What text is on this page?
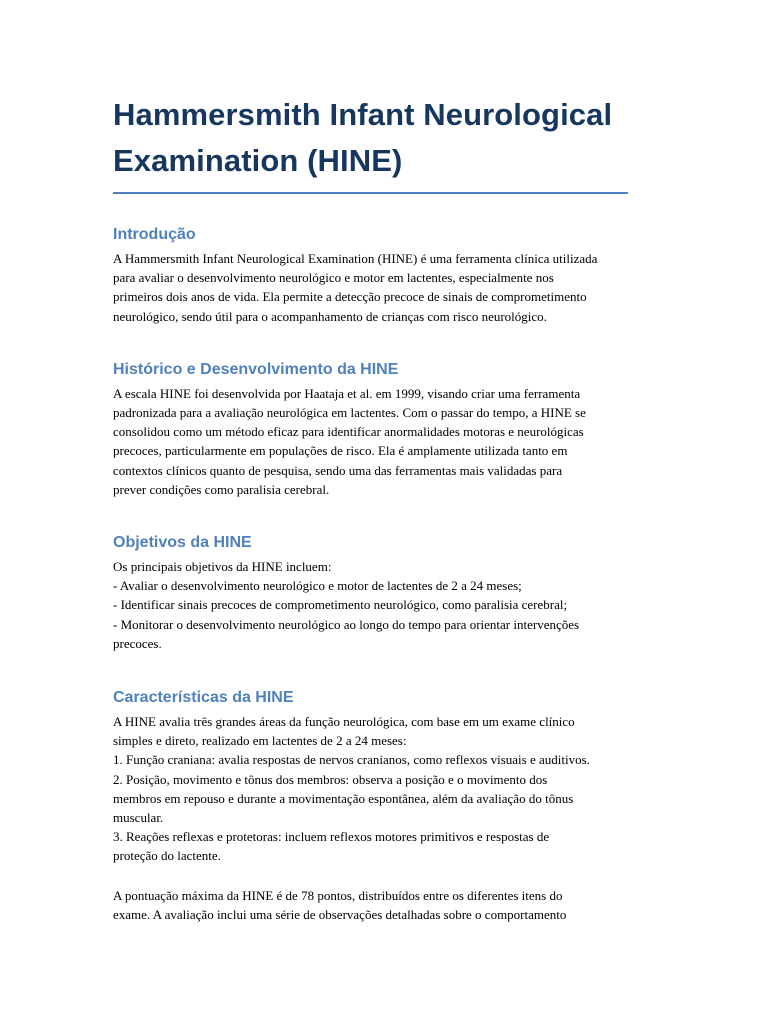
Hammersmith Infant Neurological
Examination (HINE)
Introdução

A Hammersmith Infant Neurological Examination (HINE) é uma ferramenta clínica utilizada
para avaliar o desenvolvimento neurológico e motor em lactentes, especialmente nos
primeiros dois anos de vida. Ela permite a detecção precoce de sinais de comprometimento
neurológico, sendo útil para o acompanhamento de crianças com risco neurológico.

Histórico e Desenvolvimento da HINE

A escala HINE foi desenvolvida por Haataja et al. em 1999, visando criar uma ferramenta
padronizada para a avaliação neurológica em lactentes. Com o passar do tempo, a HINE se
consolidou como um método eficaz para identificar anormalidades motoras e neurológicas
precoces, particularmente em populações de risco. Ela é amplamente utilizada tanto em
contextos clínicos quanto de pesquisa, sendo uma das ferramentas mais validadas para
prever condições como paralisia cerebral.

Objetivos da HINE

Os principais objetivos da HINE incluem:
- Avaliar o desenvolvimento neurológico e motor de lactentes de 2 a 24 meses;
- Identificar sinais precoces de comprometimento neurológico, como paralisia cerebral;
- Monitorar o desenvolvimento neurológico ao longo do tempo para orientar intervenções
precoces.

Características da HINE

A HINE avalia três grandes áreas da função neurológica, com base em um exame clínico
simples e direto, realizado em lactentes de 2 a 24 meses:
1. Função craniana: avalia respostas de nervos cranianos, como reflexos visuais e auditivos.
2. Posição, movimento e tônus dos membros: observa a posição e o movimento dos
membros em repouso e durante a movimentação espontânea, além da avaliação do tônus
muscular.
3. Reações reflexas e protetoras: incluem reflexos motores primitivos e respostas de
proteção do lactente.

A pontuação máxima da HINE é de 78 pontos, distribuídos entre os diferentes itens do
exame. A avaliação inclui uma série de observações detalhadas sobre o comportamento
